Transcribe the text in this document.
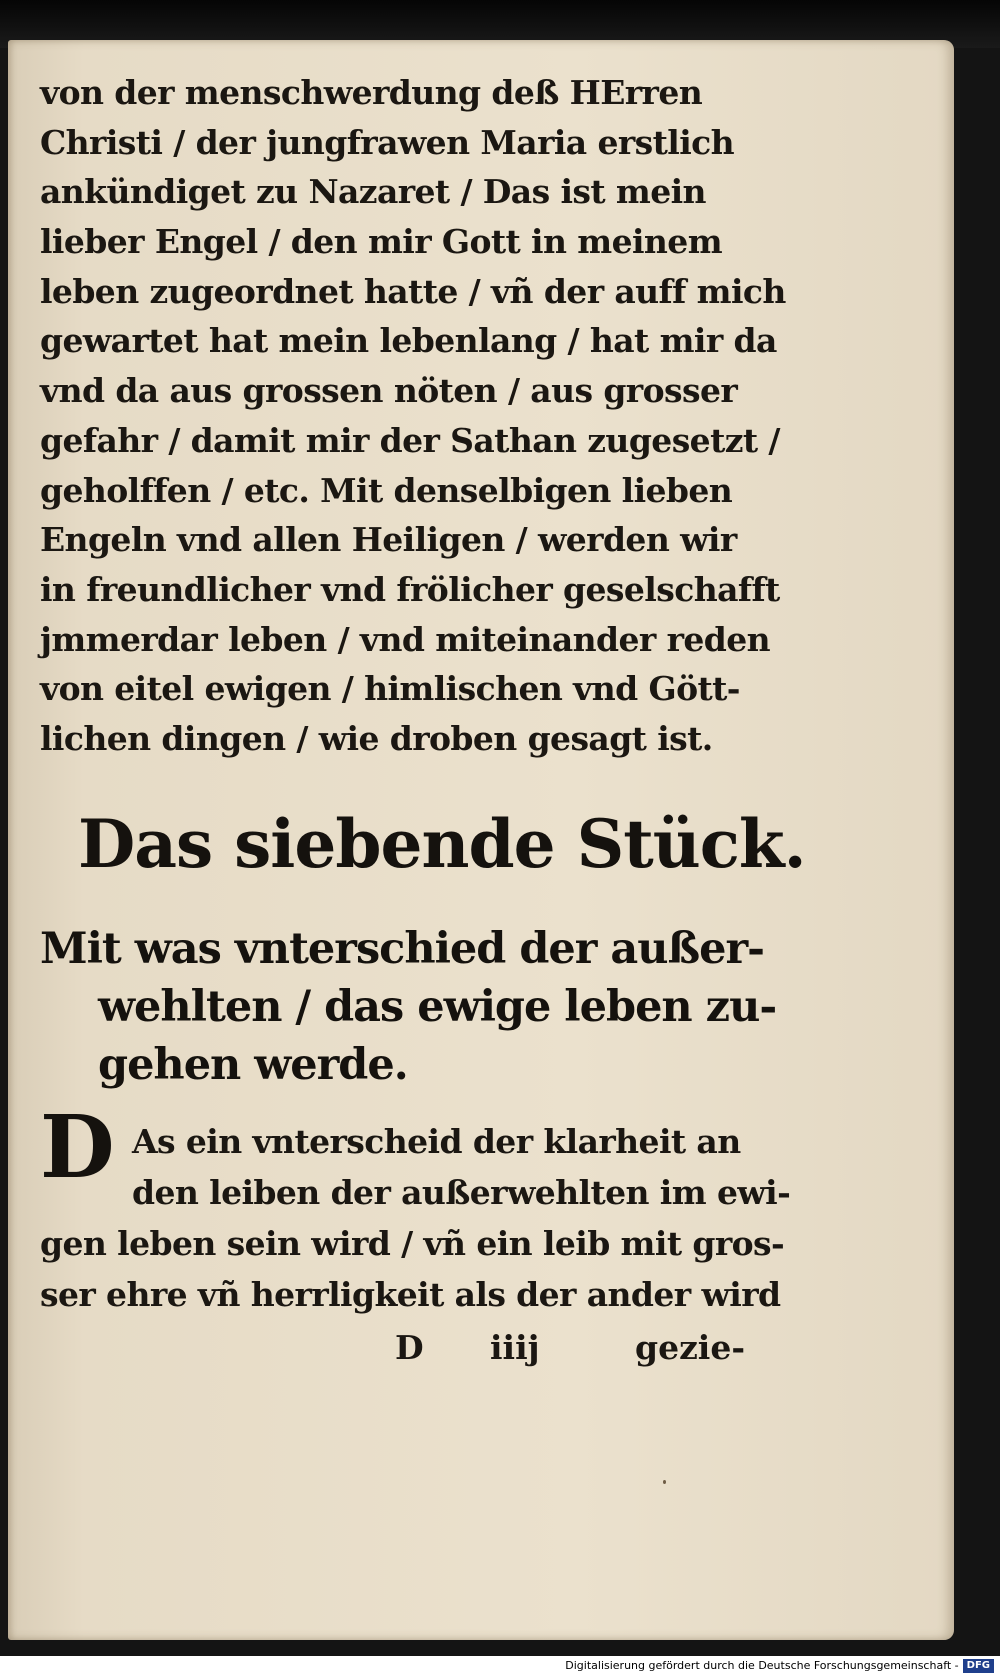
von der menschwerdung deß HErren
Christi / der jungfrawen Maria erstlich
ankündiget zu Nazaret / Das ist mein
lieber Engel / den mir Gott in meinem
leben zugeordnet hatte / vñ der auff mich
gewartet hat mein lebenlang / hat mir da
vnd da aus grossen nöten / aus grosser
gefahr / damit mir der Sathan zugesetzt /
geholffen / etc. Mit denselbigen lieben
Engeln vnd allen Heiligen / werden wir
in freundlicher vnd frölicher geselschafft
jmmerdar leben / vnd miteinander reden
von eitel ewigen / himlischen vnd Gött-
lichen dingen / wie droben gesagt ist.
Das siebende Stück.
Mit was vnterschied der außer-
wehlten / das ewige leben zu-
gehen werde.
D As ein vnterscheid der klarheit an
den leiben der außerwehlten im ewi-
gen leben sein wird / vñ ein leib mit gros-
ser ehre vñ herrligkeit als der ander wird
D iiij	gezie-
Digitalisierung gefördert durch die Deutsche Forschungsgemeinschaft - DFG
